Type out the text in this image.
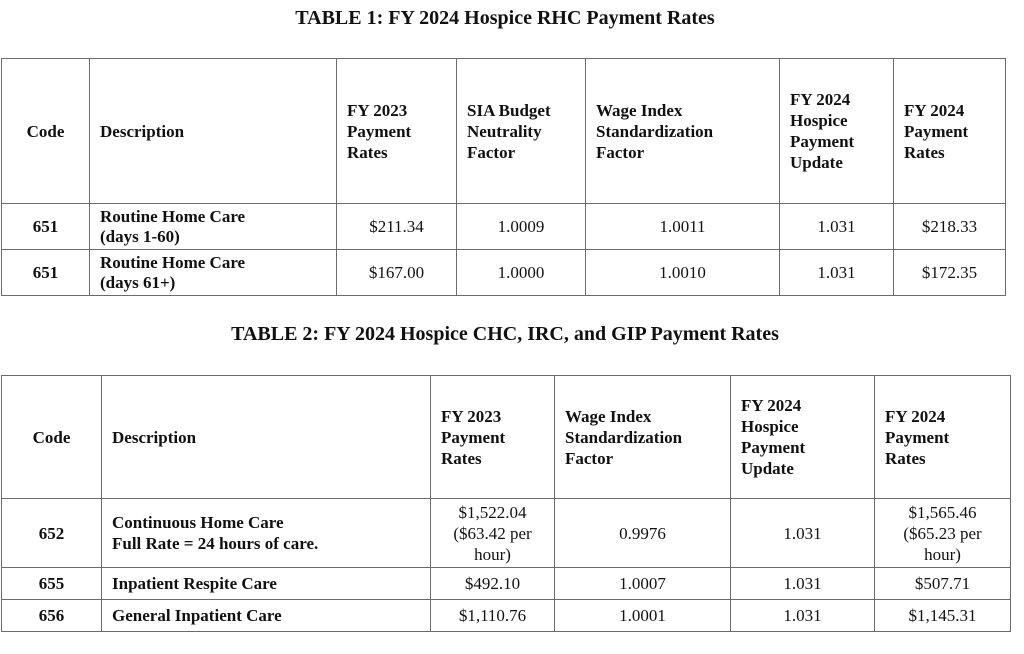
TABLE 1: FY 2024 Hospice RHC Payment Rates
Code	Description	FY 2023
Payment
Rates	SIA Budget
Neutrality
Factor	Wage Index
Standardization
Factor	FY 2024
Hospice
Payment
Update	FY 2024
Payment
Rates

651	Routine Home Care
(days 1-60)	$211.34	1.0009	1.0011	1.031	$218.33
651	Routine Home Care
(days 61+)	$167.00	1.0000	1.0010	1.031	$172.35
TABLE 2: FY 2024 Hospice CHC, IRC, and GIP Payment Rates
Code	Description	FY 2023
Payment
Rates	Wage Index
Standardization
Factor	FY 2024
Hospice
Payment
Update	FY 2024
Payment
Rates

652	Continuous Home Care
Full Rate = 24 hours of care.	$1,522.04
($63.42 per
hour)	0.9976	1.031	$1,565.46
($65.23 per
hour)

655	Inpatient Respite Care	$492.10	1.0007	1.031	$507.71
656	General Inpatient Care	$1,110.76	1.0001	1.031	$1,145.31
